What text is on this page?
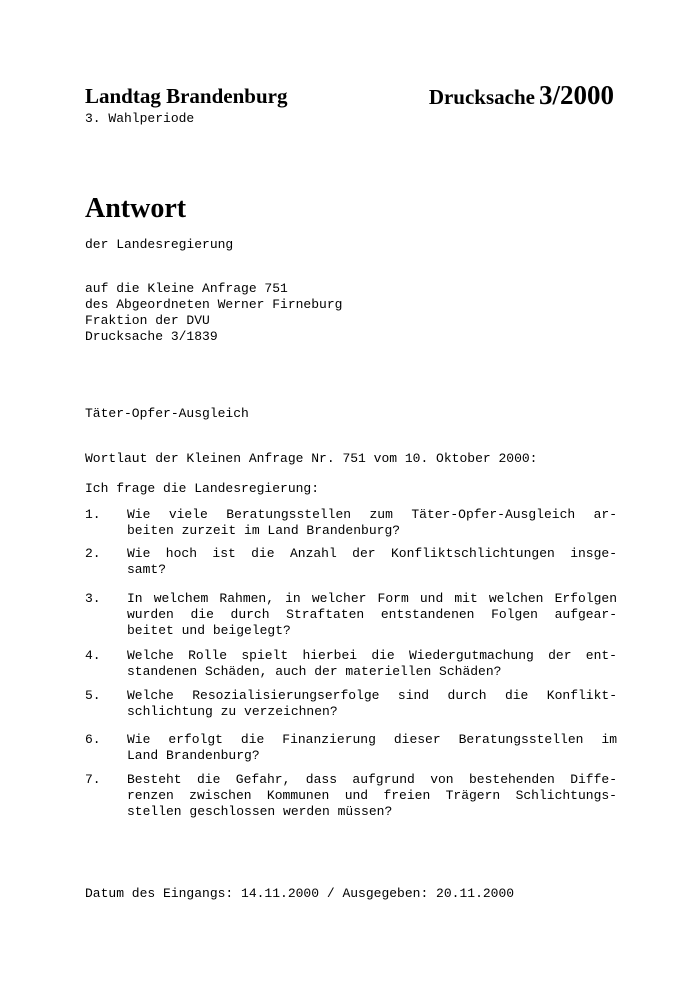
Landtag Brandenburg	Drucksache 3/2000
3. Wahlperiode
Antwort
der Landesregierung
auf die Kleine Anfrage 751
des Abgeordneten Werner Firneburg
Fraktion der DVU
Drucksache 3/1839
Täter-Opfer-Ausgleich
Wortlaut der Kleinen Anfrage Nr. 751 vom 10. Oktober 2000:
Ich frage die Landesregierung:
1. Wie viele Beratungsstellen zum Täter-Opfer-Ausgleich ar-
beiten zurzeit im Land Brandenburg?
2. Wie hoch ist die Anzahl der Konfliktschlichtungen insge-
samt?
3. In welchem Rahmen, in welcher Form und mit welchen Erfolgen
wurden die durch Straftaten entstandenen Folgen aufgear-
beitet und beigelegt?
4. Welche Rolle spielt hierbei die Wiedergutmachung der ent-
standenen Schäden, auch der materiellen Schäden?
5. Welche Resozialisierungserfolge sind durch die Konflikt-
schlichtung zu verzeichnen?
6. Wie erfolgt die Finanzierung dieser Beratungsstellen im
Land Brandenburg?
7. Besteht die Gefahr, dass aufgrund von bestehenden Diffe-
renzen zwischen Kommunen und freien Trägern Schlichtungs-
stellen geschlossen werden müssen?
Datum des Eingangs: 14.11.2000 / Ausgegeben: 20.11.2000
